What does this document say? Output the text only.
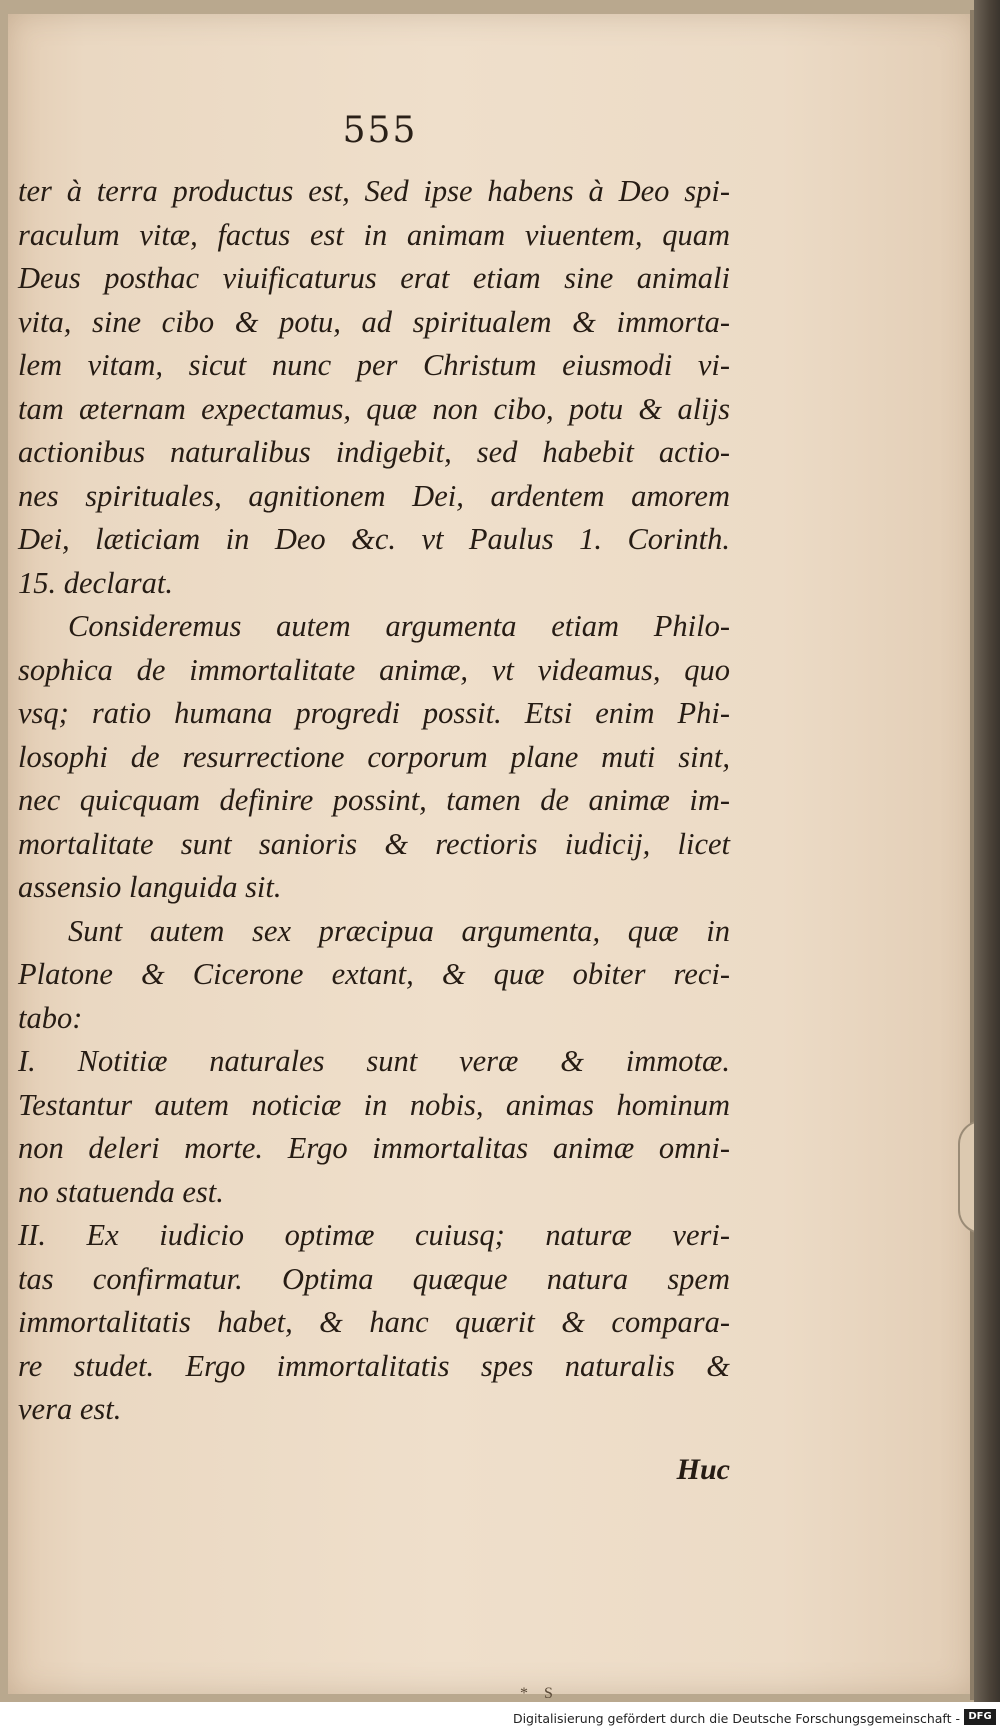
555
ter à terra productus est, Sed ipse habens à Deo spi-
raculum vitæ, factus est in animam viuentem, quam
Deus posthac viuificaturus erat etiam sine animali
vita, sine cibo & potu, ad spiritualem & immorta-
lem vitam, sicut nunc per Christum eiusmodi vi-
tam æternam expectamus, quæ non cibo, potu & alijs
actionibus naturalibus indigebit, sed habebit actio-
nes spirituales, agnitionem Dei, ardentem amorem
Dei, læticiam in Deo &c. vt Paulus 1. Corinth.
15. declarat.
Consideremus autem argumenta etiam Philo-
sophica de immortalitate animæ, vt videamus, quo
vsq; ratio humana progredi possit. Etsi enim Phi-
losophi de resurrectione corporum plane muti sint,
nec quicquam definire possint, tamen de animæ im-
mortalitate sunt sanioris & rectioris iudicij, licet
assensio languida sit.
Sunt autem sex præcipua argumenta, quæ in
Platone & Cicerone extant, & quæ obiter reci-
tabo:
I. Notitiæ naturales sunt veræ & immotæ.
Testantur autem noticiæ in nobis, animas hominum
non deleri morte. Ergo immortalitas animæ omni-
no statuenda est.
II. Ex iudicio optimæ cuiusq; naturæ veri-
tas confirmatur. Optima quæque natura spem
immortalitatis habet, & hanc quærit & compara-
re studet. Ergo immortalitatis spes naturalis &
vera est.
Huc
* S
Digitalisierung gefördert durch die Deutsche Forschungsgemeinschaft - DFG
